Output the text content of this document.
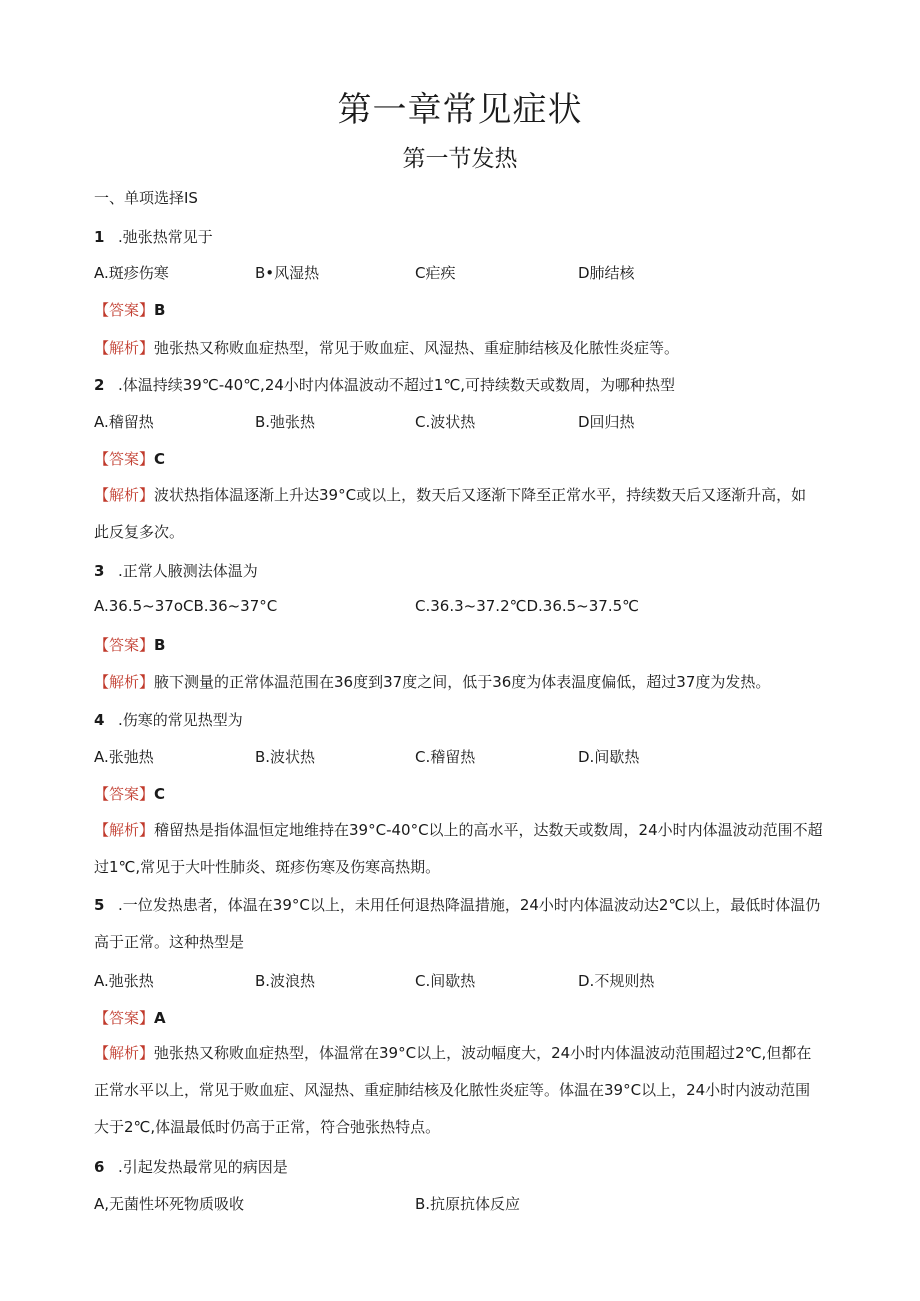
第一章常见症状
第一节发热
一、单项选择IS
1 .弛张热常见于
A.斑疹伤寒	B•风湿热	C疟疾	D肺结核
【答案】B
【解析】弛张热又称败血症热型，常见于败血症、风湿热、重症肺结核及化脓性炎症等。
2 .体温持续39℃-40℃,24小时内体温波动不超过1℃,可持续数天或数周，为哪种热型
A.稽留热	B.弛张热	C.波状热	D回归热
【答案】C
【解析】波状热指体温逐渐上升达39°C或以上，数天后又逐渐下降至正常水平，持续数天后又逐渐升高，如
此反复多次。
3 .正常人腋测法体温为
A.36.5~37oCB.36~37°C	C.36.3~37.2℃D.36.5~37.5℃
【答案】B
【解析】腋下测量的正常体温范围在36度到37度之间，低于36度为体表温度偏低，超过37度为发热。
4 .伤寒的常见热型为
A.张弛热	B.波状热	C.稽留热	D.间歇热
【答案】C
【解析】稽留热是指体温恒定地维持在39°C-40°C以上的高水平，达数天或数周，24小时内体温波动范围不超
过1℃,常见于大叶性肺炎、斑疹伤寒及伤寒高热期。
5 .一位发热患者，体温在39°C以上，未用任何退热降温措施，24小时内体温波动达2℃以上，最低时体温仍
高于正常。这种热型是
A.弛张热	B.波浪热	C.间歇热	D.不规则热
【答案】A
【解析】弛张热又称败血症热型，体温常在39°C以上，波动幅度大，24小时内体温波动范围超过2℃,但都在
正常水平以上，常见于败血症、风湿热、重症肺结核及化脓性炎症等。体温在39°C以上，24小时内波动范围
大于2℃,体温最低时仍高于正常，符合弛张热特点。
6 .引起发热最常见的病因是
A,无菌性坏死物质吸收	B.抗原抗体反应
